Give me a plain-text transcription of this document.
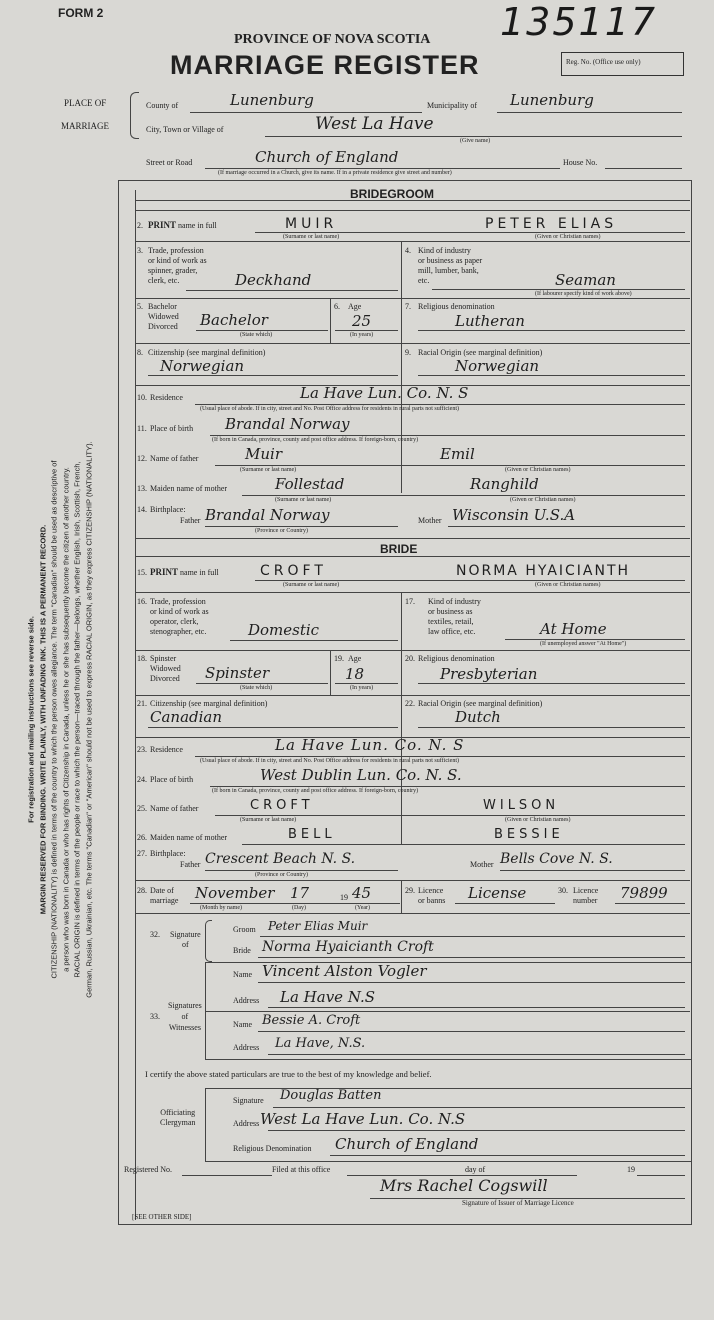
For registration and mailing instructions see reverse side. MARGIN RESERVED FOR BINDING. WRITE PLAINLY, WITH UNFADING INK. THIS IS A PERMANENT RECORD. CITIZENSHIP (NATIONALITY) is defined in terms of the country to which the person owes allegiance. The term "Canadian" should be used as descriptive of a person who was born in Canada or who has rights of Citizenship in Canada, unless he or she has subsequently become the citizen of another country. RACIAL ORIGIN is defined in terms of the people or race to which the person—traced through the father—belongs, whether English, Irish, Scottish, French, German, Russian, Ukrainian, etc. The terms "Canadian" or "American" should not be used to express RACIAL ORIGIN, as they express CITIZENSHIP (NATIONALITY).
FORM 2	135117
PROVINCE OF NOVA SCOTIA
MARRIAGE REGISTER	Reg. No. (Office use only)
PLACE OF
MARRIAGE
County of	Lunenburg	Municipality of Lunenburg
City, Town or Village of	West La Have
(Give name)
Street or Road	Church of England	House No.
(If marriage occurred in a Church, give its name. If in a private residence give street and number)
BRIDEGROOM
2. PRINT name in full	MUIR	PETER ELIAS
(Surname or last name)	(Given or Christian names)
3. Trade, profession
or kind of work as
spinner, grader,
clerk, etc.	Deckhand
4. Kind of industry
or business as paper
mill, lumber, bank,
etc.	Seaman
(If labourer specify kind of work above)
5. Bachelor
Widowed
Divorced Bachelor
(State which)
6. Age
25
(In years)
7. Religious denomination
Lutheran
8. Citizenship (see marginal definition)
Norwegian
9. Racial Origin (see marginal definition)
Norwegian
10. Residence	La Have Lun. Co. N. S
(Usual place of abode. If in city, street and No. Post Office address for residents in rural parts not sufficient)
11. Place of birth Brandal Norway
(If born in Canada, province, county and post office address. If foreign-born, country)
12. Name of father	Muir	Emil
(Surname or last name)	(Given or Christian names)
13. Maiden name of mother	Follestad	Ranghild
(Surname or last name)	(Given or Christian names)
14. Birthplace:
Father Brandal Norway	Mother Wisconsin U.S.A
(Province or Country)
BRIDE
15. PRINT name in full	CROFT	NORMA HYAICIANTH
(Surname or last name)	(Given or Christian names)
16. Trade, profession
or kind of work as
operator, clerk,
stenographer, etc.	Domestic
17. Kind of industry
or business as
textiles, retail,
law office, etc.	At Home
(If unemployed answer "At Home")
18. Spinster
Widowed
Divorced Spinster
(State which)
19. Age
18
(In years)
20. Religious denomination
Presbyterian
21. Citizenship (see marginal definition)
Canadian
22. Racial Origin (see marginal definition)
Dutch
23. Residence	La Have Lun. Co. N. S
(Usual place of abode. If in city, street and No. Post Office address for residents in rural parts not sufficient)
24. Place of birth	West Dublin Lun. Co. N. S.
(If born in Canada, province, county and post office address. If foreign-born, country)
25. Name of father	CROFT	WILSON
(Surname or last name)	(Given or Christian names)
26. Maiden name of mother	BELL	BESSIE
27. Birthplace:
Father Crescent Beach N. S.	Mother Bells Cove N. S.
(Province or Country)
28. Date of
marriage November 17	19 45
(Month by name)	(Day)	(Year)
29. Licence
or banns License	30. Licence
number 79899
32. Signature
of
Groom Peter Elias Muir
Bride Norma Hyaicianth Croft
33.
Signatures
of
Witnesses
Name Vincent Alston Vogler
Address La Have N.S
Name Bessie A. Croft
Address La Have, N.S.
I certify the above stated particulars are true to the best of my knowledge and belief.
Officiating
Clergyman
Signature Douglas Batten
Address West La Have Lun. Co. N.S
Religious Denomination Church of England
Registered No.	Filed at this office	day of	19
Mrs Rachel Cogswill
Signature of Issuer of Marriage Licence
[SEE OTHER SIDE]
